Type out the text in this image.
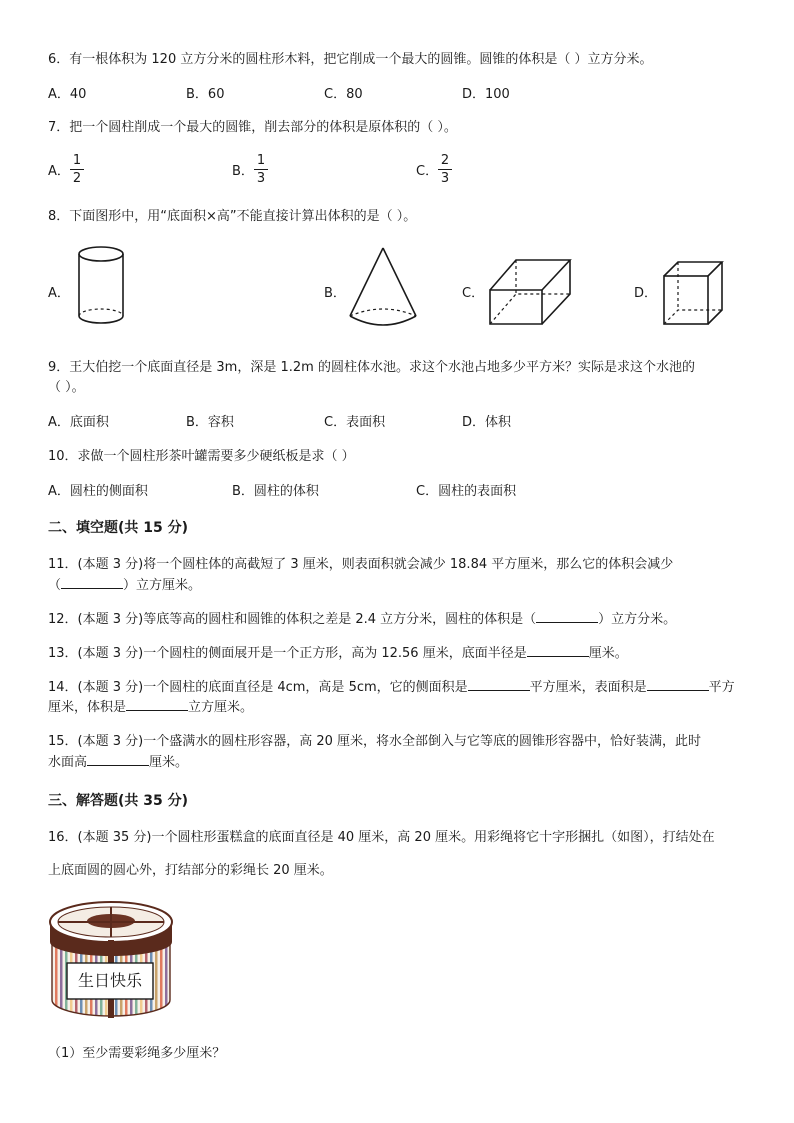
6．有一根体积为 120 立方分米的圆柱形木料，把它削成一个最大的圆锥。圆锥的体积是（ ）立方分米。
A．40	B．60	C．80	D．100
7．把一个圆柱削成一个最大的圆锥，削去部分的体积是原体积的（ ）。
A．
1
2	B．
1
3	C．
2
3
8．下面图形中，用“底面积×高”不能直接计算出体积的是（ ）。
A．	B．	C．	D．
9．王大伯挖一个底面直径是 3m，深是 1.2m 的圆柱体水池。求这个水池占地多少平方米？实际是求这个水池的
（ ）。
A．底面积	B．容积	C．表面积	D．体积
10．求做一个圆柱形茶叶罐需要多少硬纸板是求（ ）
A．圆柱的侧面积	B．圆柱的体积	C．圆柱的表面积
二、填空题(共 15 分)
11．(本题 3 分)将一个圆柱体的高截短了 3 厘米，则表面积就会减少 18.84 平方厘米，那么它的体积会减少
（	）立方厘米。
12．(本题 3 分)等底等高的圆柱和圆锥的体积之差是 2.4 立方分米，圆柱的体积是（	）立方分米。
13．(本题 3 分)一个圆柱的侧面展开是一个正方形，高为 12.56 厘米，底面半径是	厘米。
14．(本题 3 分)一个圆柱的底面直径是 4cm，高是 5cm，它的侧面积是	平方厘米，表面积是	平方
厘米，体积是	立方厘米。
15．(本题 3 分)一个盛满水的圆柱形容器，高 20 厘米，将水全部倒入与它等底的圆锥形容器中，恰好装满，此时
水面高	厘米。
三、解答题(共 35 分)
16．(本题 35 分)一个圆柱形蛋糕盒的底面直径是 40 厘米，高 20 厘米。用彩绳将它十字形捆扎（如图），打结处在
上底面圆的圆心外，打结部分的彩绳长 20 厘米。
生日快乐
（1）至少需要彩绳多少厘米？
